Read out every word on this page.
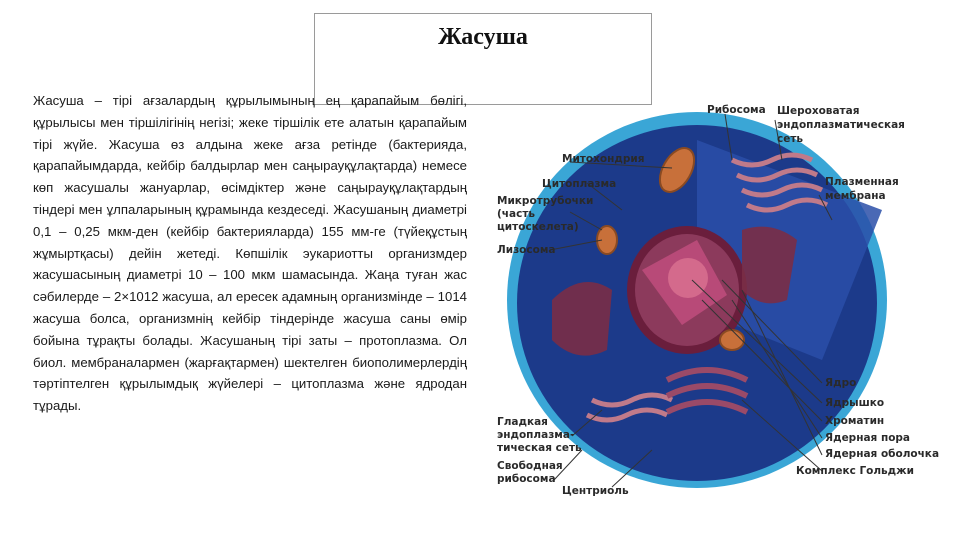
Жасуша
Жасуша – тірі ағзалардың құрылымының ең қарапайым бөлігі, құрылысы мен тіршілігінің негізі; жеке тіршілік ете алатын қарапайым тірі жүйе. Жасуша өз алдына жеке ағза ретінде (бактерияда, қарапайымдарда, кейбір балдырлар мен саңырауқұлақтарда) немесе көп жасушалы жануарлар, өсімдіктер және саңырауқұлақтардың тіндері мен ұлпаларының құрамында кездеседі. Жасушаның диаметрі 0,1 – 0,25 мкм-ден (кейбір бактерияларда) 155 мм-ге (түйеқұстың жұмыртқасы) дейін жетеді. Көпшілік эукариотты организмдер жасушасының диаметрі 10 – 100 мкм шамасында. Жаңа туған жас сәбилерде – 2×1012 жасуша, ал ересек адамның организмінде – 1014 жасуша болса, организмнің кейбір тіндерінде жасуша саны өмір бойына тұрақты болады. Жасушаның тірі заты – протоплазма. Ол биол. мембраналармен (жарғақтармен) шектелген биополимерлердің тәртіптелген құрылымдық жүйелері – цитоплазма және ядродан тұрады.
Рибосома Шероховатая
эндоплазматическая
сеть
Митохондрия
Плазменная
мембрана
Цитоплазма
Микротрубочки
(часть
цитоскелета)
Лизосома
Ядро
Ядрышко
Хроматин
Ядерная пора
Ядерная оболочка
Комплекс Гольджи
Гладкая
эндоплазма-
тическая сеть
Свободная
рибосома
Центриоль
